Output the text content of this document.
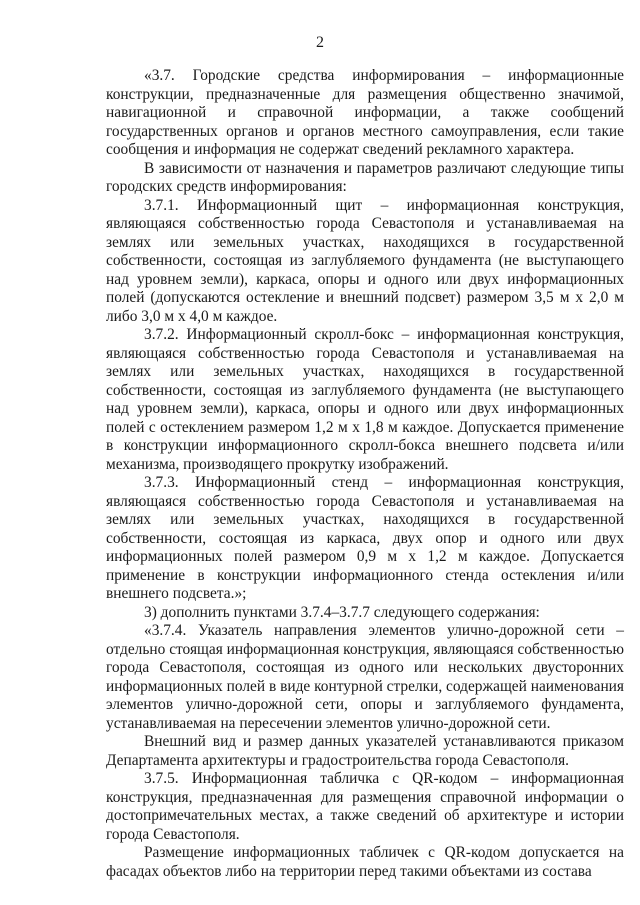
2

«3.7. Городские средства информирования – информационные конструкции, предназначенные для размещения общественно значимой, навигационной и справочной информации, а также сообщений государственных органов и органов местного самоуправления, если такие сообщения и информация не содержат сведений рекламного характера.

В зависимости от назначения и параметров различают следующие типы городских средств информирования:

3.7.1. Информационный щит – информационная конструкция, являющаяся собственностью города Севастополя и устанавливаемая на землях или земельных участках, находящихся в государственной собственности, состоящая из заглубляемого фундамента (не выступающего над уровнем земли), каркаса, опоры и одного или двух информационных полей (допускаются остекление и внешний подсвет) размером 3,5 м х 2,0 м либо 3,0 м х 4,0 м каждое.

3.7.2. Информационный скролл-бокс – информационная конструкция, являющаяся собственностью города Севастополя и устанавливаемая на землях или земельных участках, находящихся в государственной собственности, состоящая из заглубляемого фундамента (не выступающего над уровнем земли), каркаса, опоры и одного или двух информационных полей с остеклением размером 1,2 м х 1,8 м каждое. Допускается применение в конструкции информационного скролл-бокса внешнего подсвета и/или механизма, производящего прокрутку изображений.

3.7.3. Информационный стенд – информационная конструкция, являющаяся собственностью города Севастополя и устанавливаемая на землях или земельных участках, находящихся в государственной собственности, состоящая из каркаса, двух опор и одного или двух информационных полей размером 0,9 м х 1,2 м каждое. Допускается применение в конструкции информационного стенда остекления и/или внешнего подсвета.»;

3) дополнить пунктами 3.7.4–3.7.7 следующего содержания:

«3.7.4. Указатель направления элементов улично-дорожной сети – отдельно стоящая информационная конструкция, являющаяся собственностью города Севастополя, состоящая из одного или нескольких двусторонних информационных полей в виде контурной стрелки, содержащей наименования элементов улично-дорожной сети, опоры и заглубляемого фундамента, устанавливаемая на пересечении элементов улично-дорожной сети.

Внешний вид и размер данных указателей устанавливаются приказом Департамента архитектуры и градостроительства города Севастополя.

3.7.5. Информационная табличка с QR-кодом – информационная конструкция, предназначенная для размещения справочной информации о достопримечательных местах, а также сведений об архитектуре и истории города Севастополя.

Размещение информационных табличек с QR-кодом допускается на фасадах объектов либо на территории перед такими объектами из состава
